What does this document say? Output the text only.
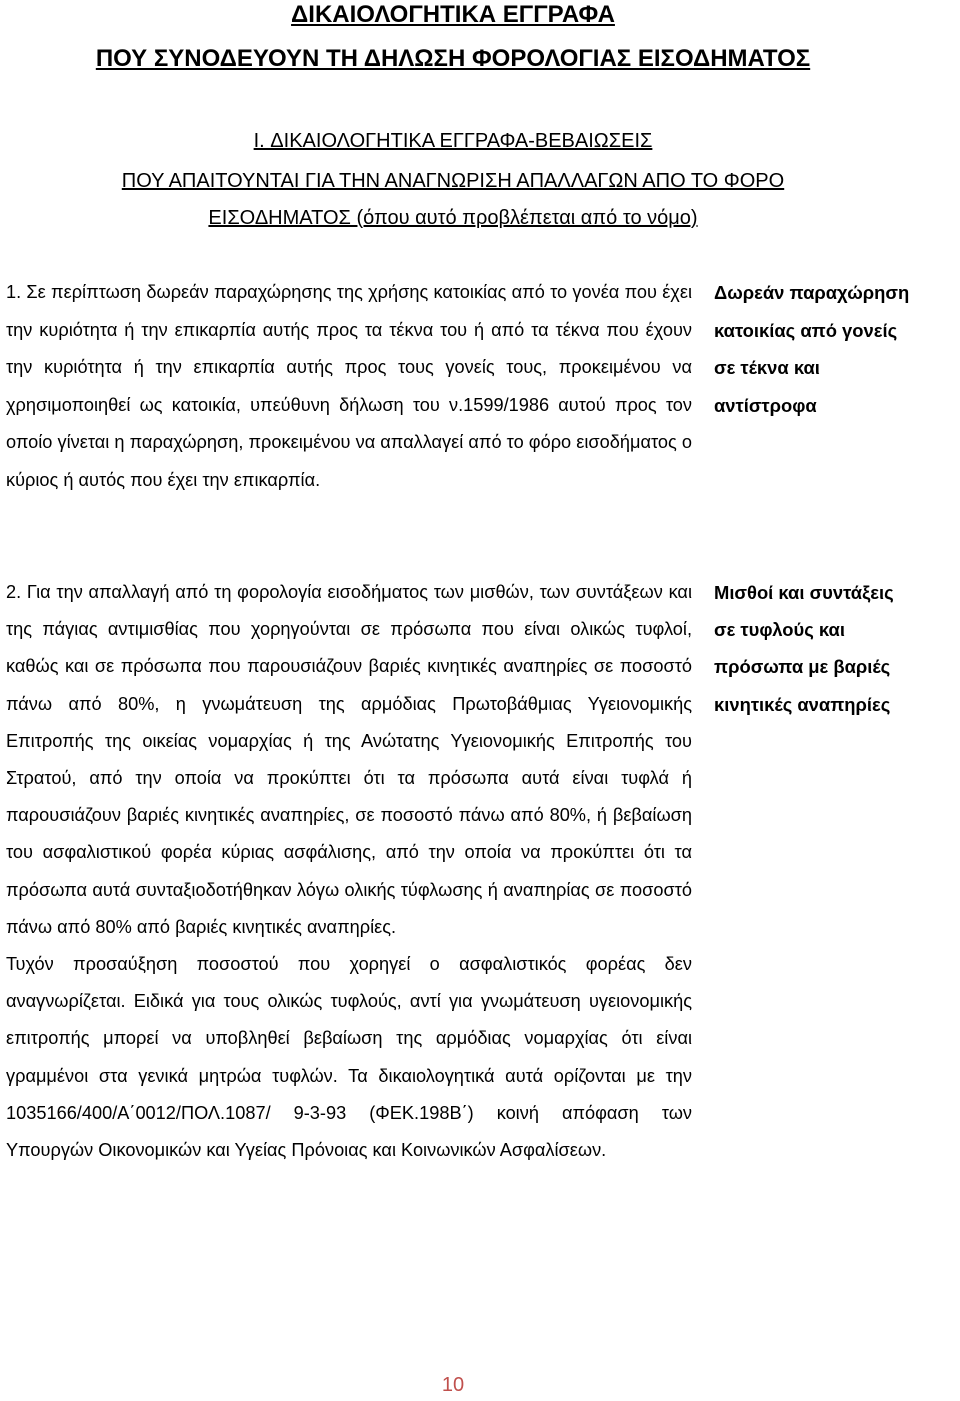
ΔΙΚΑΙΟΛΟΓΗΤΙΚΑ ΕΓΓΡΑΦΑ
ΠΟΥ ΣΥΝΟΔΕΥΟΥΝ ΤΗ ΔΗΛΩΣΗ ΦΟΡΟΛΟΓΙΑΣ ΕΙΣΟΔΗΜΑΤΟΣ

I. ΔΙΚΑΙΟΛΟΓΗΤΙΚΑ ΕΓΓΡΑΦΑ-ΒΕΒΑΙΩΣΕΙΣ

ΠΟΥ ΑΠΑΙΤΟΥΝΤΑΙ ΓΙΑ ΤΗΝ ΑΝΑΓΝΩΡΙΣΗ ΑΠΑΛΛΑΓΩΝ ΑΠΟ ΤΟ ΦΟΡΟ

ΕΙΣΟΔΗΜΑΤΟΣ (όπου αυτό προβλέπεται από το νόμο)

1. Σε περίπτωση δωρεάν παραχώρησης της χρήσης κατοικίας από το γονέα που έχει την κυριότητα ή την επικαρπία αυτής προς τα τέκνα του ή από τα τέκνα που έχουν την κυριότητα ή την επικαρπία αυτής προς τους γονείς τους, προκειμένου να χρησιμοποιηθεί ως κατοικία, υπεύθυνη δήλωση του ν.1599/1986 αυτού προς τον οποίο γίνεται η παραχώρηση, προκειμένου να απαλλαγεί από το φόρο εισοδήματος ο κύριος ή αυτός που έχει την επικαρπία.

Δωρεάν παραχώρηση
κατοικίας από γονείς
σε τέκνα και
αντίστροφα
2. Για την απαλλαγή από τη φορολογία εισοδήματος των μισθών, των συντάξεων και της πάγιας αντιμισθίας που χορηγούνται σε πρόσωπα που είναι ολικώς τυφλοί, καθώς και σε πρόσωπα που παρουσιάζουν βαριές κινητικές αναπηρίες σε ποσοστό πάνω από 80%, η γνωμάτευση της αρμόδιας Πρωτοβάθμιας Υγειονομικής Επιτροπής της οικείας νομαρχίας ή της Ανώτατης Υγειονομικής Επιτροπής του Στρατού, από την οποία να προκύπτει ότι τα πρόσωπα αυτά είναι τυφλά ή παρουσιάζουν βαριές κινητικές αναπηρίες, σε ποσοστό πάνω από 80%, ή βεβαίωση του ασφαλιστικού φορέα κύριας ασφάλισης, από την οποία να προκύπτει ότι τα πρόσωπα αυτά συνταξιοδοτήθηκαν λόγω ολικής τύφλωσης ή αναπηρίας σε ποσοστό πάνω από 80% από βαριές κινητικές αναπηρίες.
Τυχόν προσαύξηση ποσοστού που χορηγεί ο ασφαλιστικός φορέας δεν αναγνωρίζεται. Ειδικά για τους ολικώς τυφλούς, αντί για γνωμάτευση υγειονομικής επιτροπής μπορεί να υποβληθεί βεβαίωση της αρμόδιας νομαρχίας ότι είναι γραμμένοι στα γενικά μητρώα τυφλών. Τα δικαιολογητικά αυτά ορίζονται με την 1035166/400/Α΄0012/ΠΟΛ.1087/ 9-3-93 (ΦΕΚ.198Β΄) κοινή απόφαση των Υπουργών Οικονομικών και Υγείας Πρόνοιας και Κοινωνικών Ασφαλίσεων.
Μισθοί και συντάξεις
σε τυφλούς και
πρόσωπα με βαριές
κινητικές αναπηρίες
10
